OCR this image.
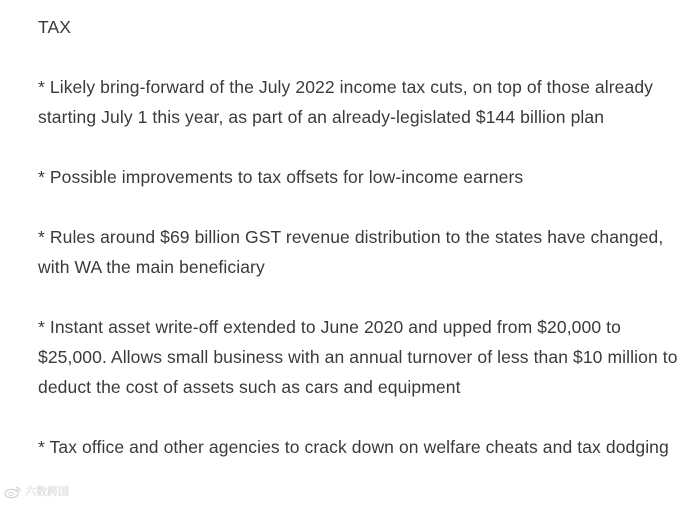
TAX

* Likely bring-forward of the July 2022 income tax cuts, on top of those already starting July 1 this year, as part of an already-legislated $144 billion plan

* Possible improvements to tax offsets for low-income earners

* Rules around $69 billion GST revenue distribution to the states have changed, with WA the main beneficiary

* Instant asset write-off extended to June 2020 and upped from $20,000 to $25,000. Allows small business with an annual turnover of less than $10 million to deduct the cost of assets such as cars and equipment

* Tax office and other agencies to crack down on welfare cheats and tax dodging

六数跨国
